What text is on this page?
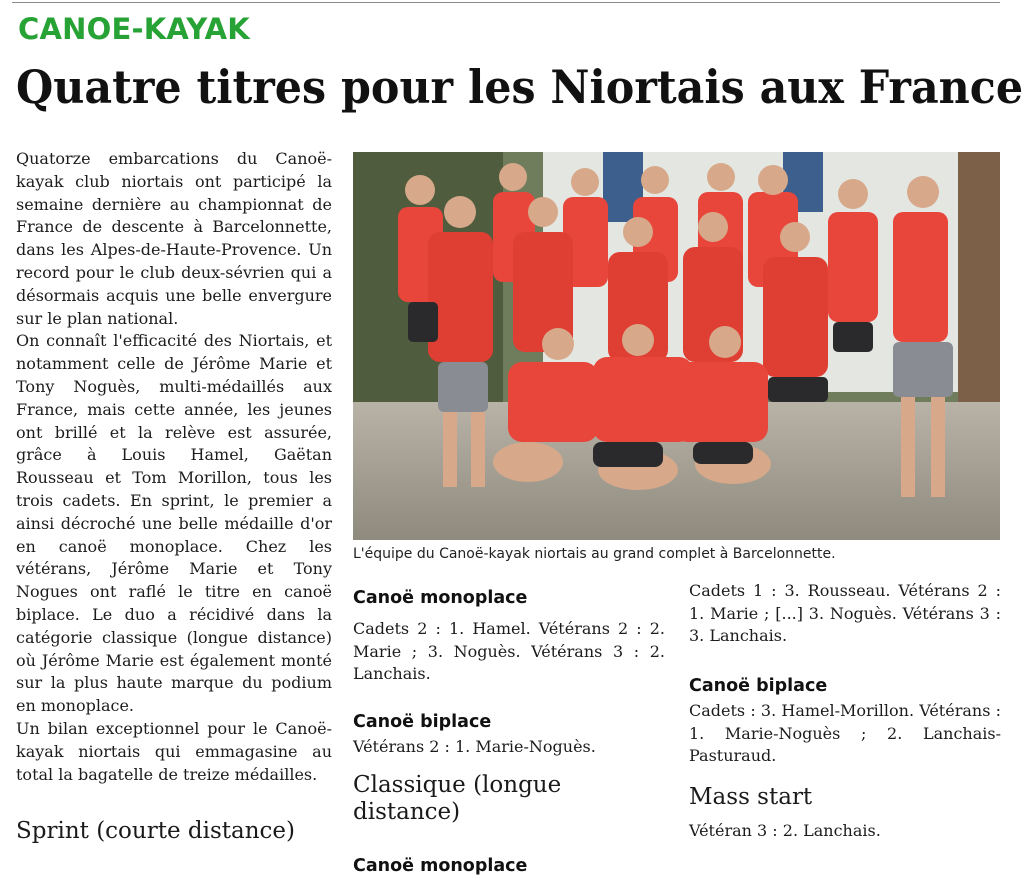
CANOE-KAYAK
Quatre titres pour les Niortais aux France

Quatorze embarcations du Canoë-kayak club niortais ont participé la semaine dernière au championnat de France de descente à Barcelonnette, dans les Alpes-de-Haute-Provence. Un record pour le club deux-sévrien qui a désormais acquis une belle envergure sur le plan national.

On connaît l'efficacité des Niortais, et notamment celle de Jérôme Marie et Tony Noguès, multi-médaillés aux France, mais cette année, les jeunes ont brillé et la relève est assurée, grâce à Louis Hamel, Gaëtan Rousseau et Tom Morillon, tous les trois cadets. En sprint, le premier a ainsi décroché une belle médaille d'or en canoë monoplace. Chez les vétérans, Jérôme Marie et Tony Nogues ont raflé le titre en canoë biplace. Le duo a récidivé dans la catégorie classique (longue distance) où Jérôme Marie est également monté sur la plus haute marque du podium en monoplace.

Un bilan exceptionnel pour le Canoë-kayak niortais qui emmagasine au total la bagatelle de treize médailles.

Sprint (courte distance)
L'équipe du Canoë-kayak niortais au grand complet à Barcelonnette.
Canoë monoplace
Cadets 2 : 1. Hamel. Vétérans 2 : 2. Marie ; 3. Noguès. Vétérans 3 : 2. Lanchais.
Canoë biplace
Vétérans 2 : 1. Marie-Noguès.
Classique (longue distance)
Canoë monoplace
Cadets 1 : 3. Rousseau. Vétérans 2 : 1. Marie ; [...] 3. Noguès. Vétérans 3 : 3. Lanchais.
Canoë biplace
Cadets : 3. Hamel-Morillon. Vétérans : 1. Marie-Noguès ; 2. Lanchais-Pasturaud.
Mass start
Vétéran 3 : 2. Lanchais.
